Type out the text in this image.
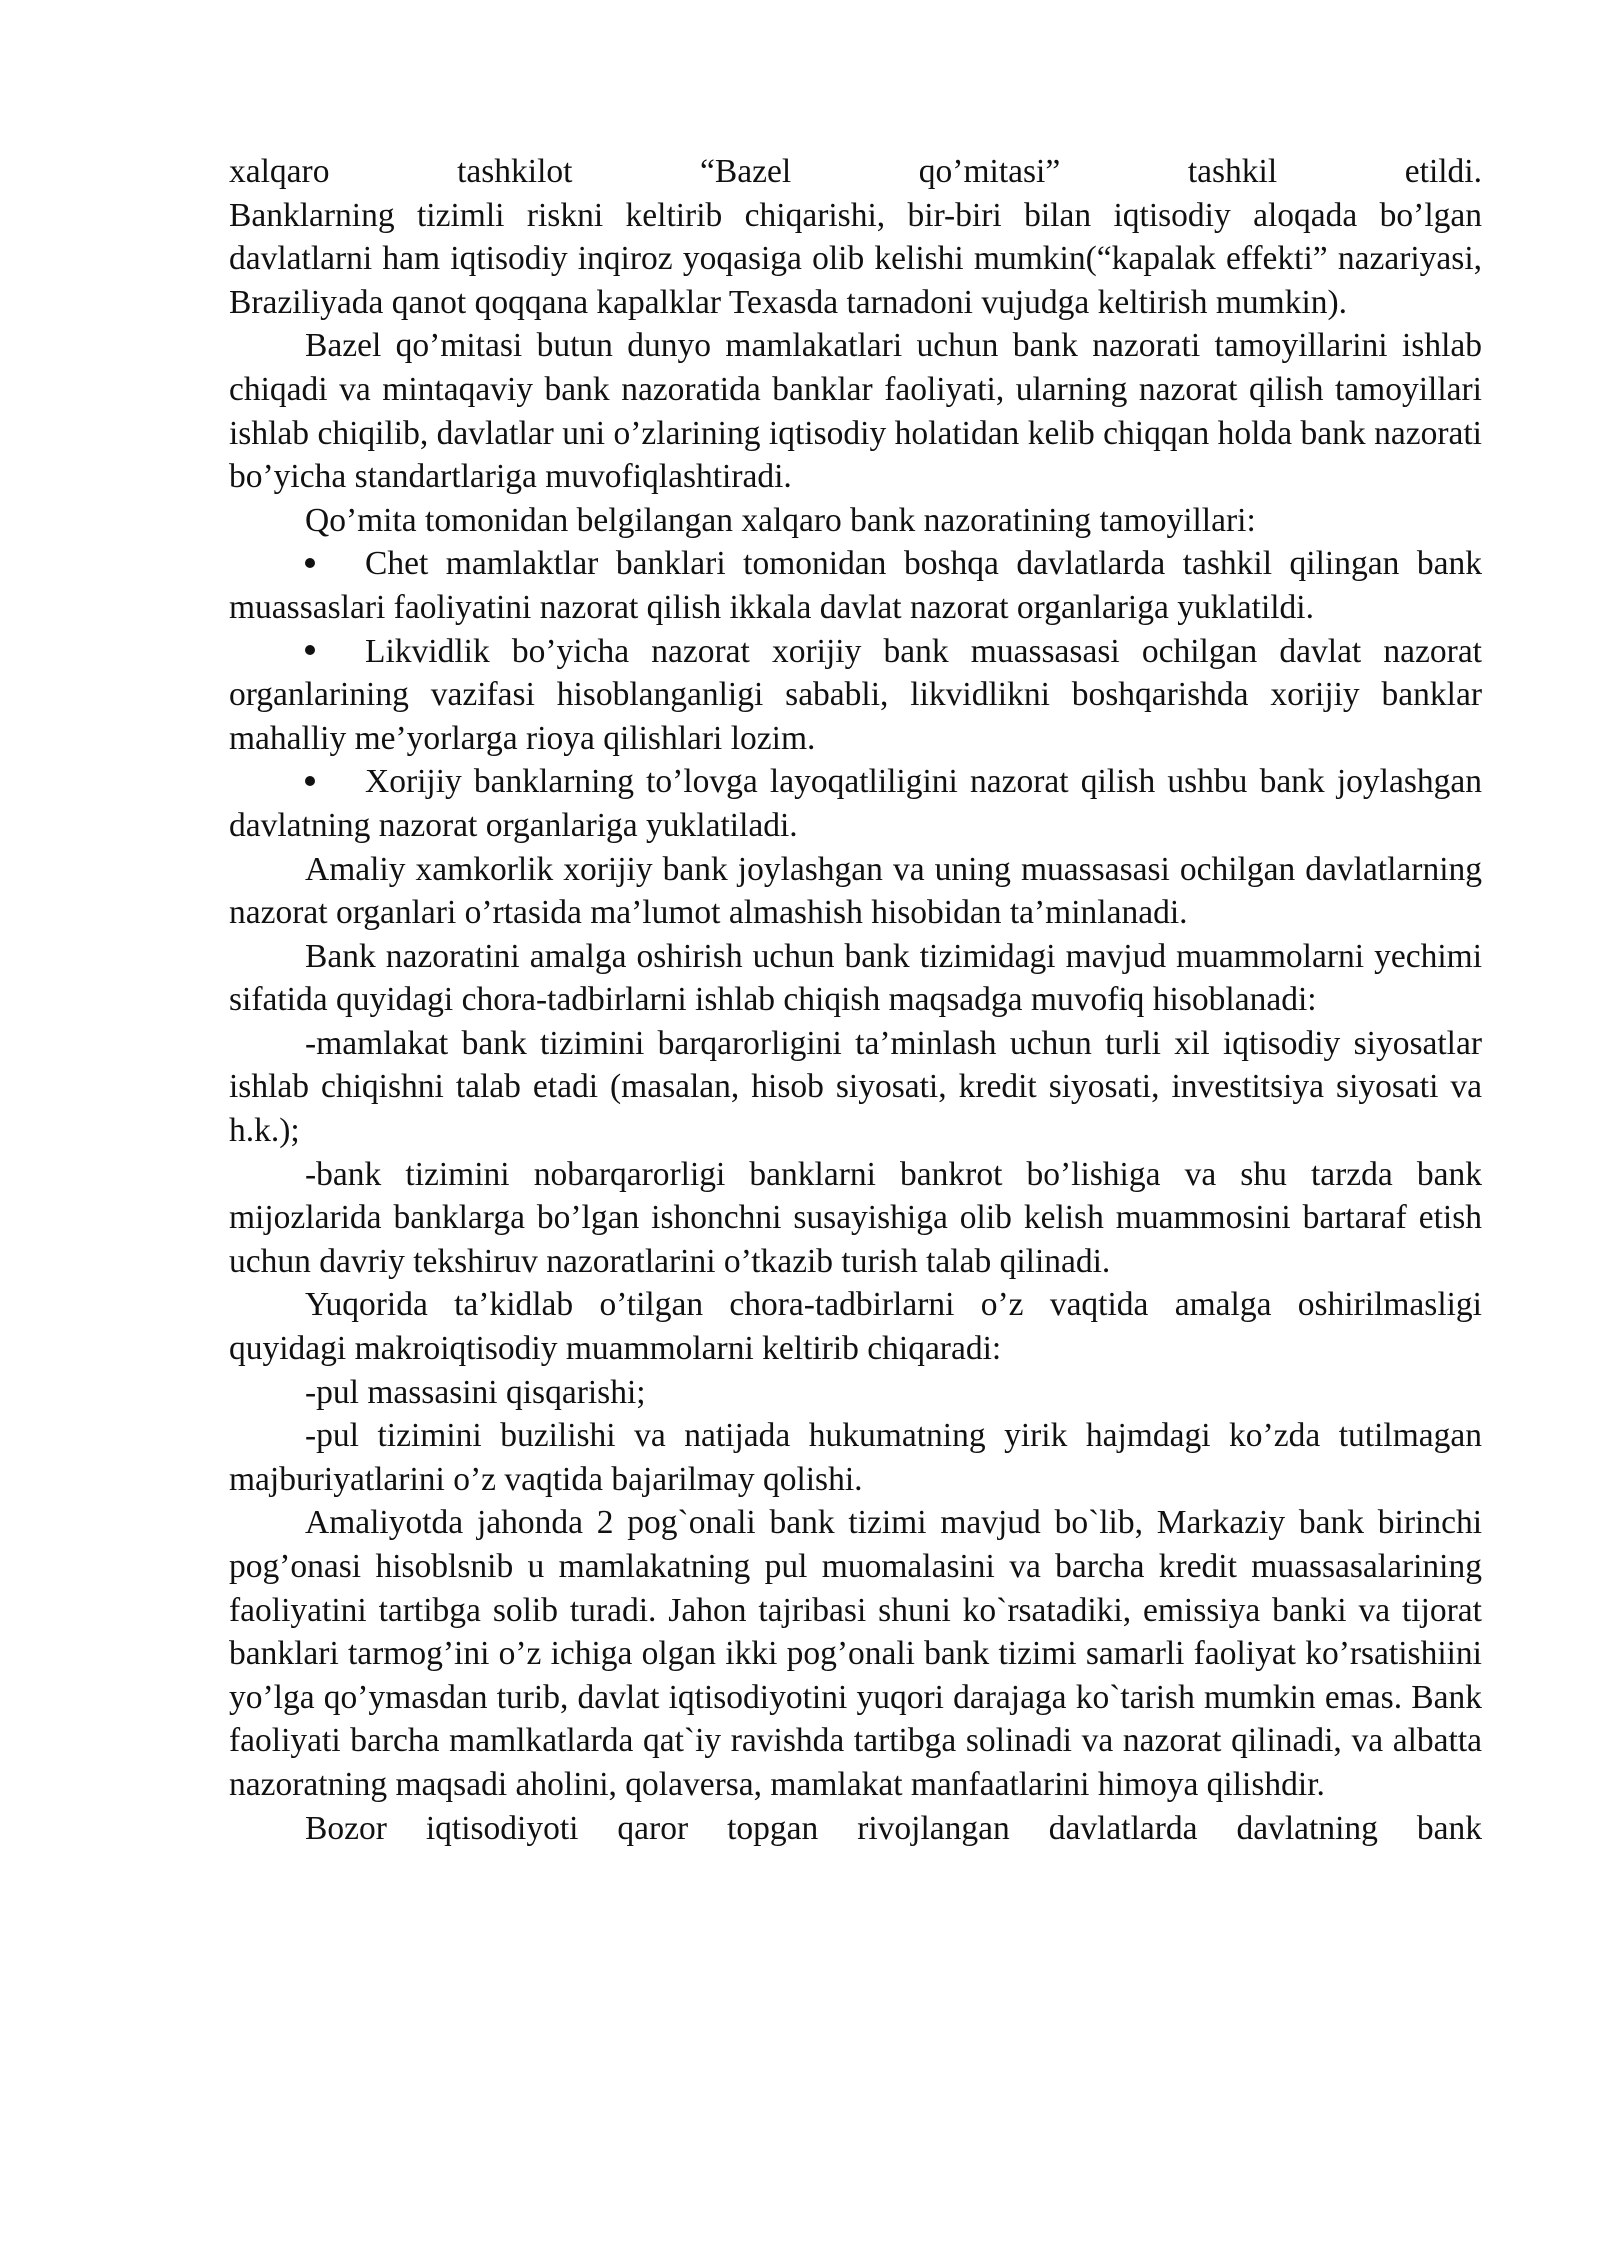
xalqaro tashkilot “Bazel qo’mitasi” tashkil etildi.

Banklarning tizimli riskni keltirib chiqarishi, bir-biri bilan iqtisodiy aloqada bo’lgan davlatlarni ham iqtisodiy inqiroz yoqasiga olib kelishi mumkin(“kapalak effekti” nazariyasi, Braziliyada qanot qoqqana kapalklar Texasda tarnadoni vujudga keltirish mumkin).

Bazel qo’mitasi butun dunyo mamlakatlari uchun bank nazorati tamoyillarini ishlab chiqadi va mintaqaviy bank nazoratida banklar faoliyati, ularning nazorat qilish tamoyillari ishlab chiqilib, davlatlar uni o’zlarining iqtisodiy holatidan kelib chiqqan holda bank nazorati bo’yicha standartlariga muvofiqlashtiradi.

Qo’mita tomonidan belgilangan xalqaro bank nazoratining tamoyillari:

Chet mamlaktlar banklari tomonidan boshqa davlatlarda tashkil qilingan bank muassaslari faoliyatini nazorat qilish ikkala davlat nazorat organlariga yuklatildi.

Likvidlik bo’yicha nazorat xorijiy bank muassasasi ochilgan davlat nazorat organlarining vazifasi hisoblanganligi sababli, likvidlikni boshqarishda xorijiy banklar mahalliy me’yorlarga rioya qilishlari lozim.

Xorijiy banklarning to’lovga layoqatliligini nazorat qilish ushbu bank joylashgan davlatning nazorat organlariga yuklatiladi.

Amaliy xamkorlik xorijiy bank joylashgan va uning muassasasi ochilgan davlatlarning nazorat organlari o’rtasida ma’lumot almashish hisobidan ta’minlanadi.

Bank nazoratini amalga oshirish uchun bank tizimidagi mavjud muammolarni yechimi sifatida quyidagi chora-tadbirlarni ishlab chiqish maqsadga muvofiq hisoblanadi:

-mamlakat bank tizimini barqarorligini ta’minlash uchun turli xil iqtisodiy siyosatlar ishlab chiqishni talab etadi (masalan, hisob siyosati, kredit siyosati, investitsiya siyosati va h.k.);

-bank tizimini nobarqarorligi banklarni bankrot bo’lishiga va shu tarzda bank mijozlarida banklarga bo’lgan ishonchni susayishiga olib kelish muammosini bartaraf etish uchun davriy tekshiruv nazoratlarini o’tkazib turish talab qilinadi.

Yuqorida ta’kidlab o’tilgan chora-tadbirlarni o’z vaqtida amalga oshirilmasligi quyidagi makroiqtisodiy muammolarni keltirib chiqaradi:

-pul massasini qisqarishi;

-pul tizimini buzilishi va natijada hukumatning yirik hajmdagi ko’zda tutilmagan majburiyatlarini o’z vaqtida bajarilmay qolishi.

Amaliyotda jahonda 2 pog`onali bank tizimi mavjud bo`lib, Markaziy bank birinchi pog’onasi hisoblsnib u mamlakatning pul muomalasini va barcha kredit muassasalarining faoliyatini tartibga solib turadi. Jahon tajribasi shuni ko`rsatadiki, emissiya banki va tijorat banklari tarmog’ini o’z ichiga olgan ikki pog’onali bank tizimi samarli faoliyat ko’rsatishiini yo’lga qo’ymasdan turib, davlat iqtisodiyotini yuqori darajaga ko`tarish mumkin emas. Bank faoliyati barcha mamlkatlarda qat`iy ravishda tartibga solinadi va nazorat qilinadi, va albatta nazoratning maqsadi aholini, qolaversa, mamlakat manfaatlarini himoya qilishdir.

Bozor iqtisodiyoti qaror topgan rivojlangan davlatlarda davlatning bank
